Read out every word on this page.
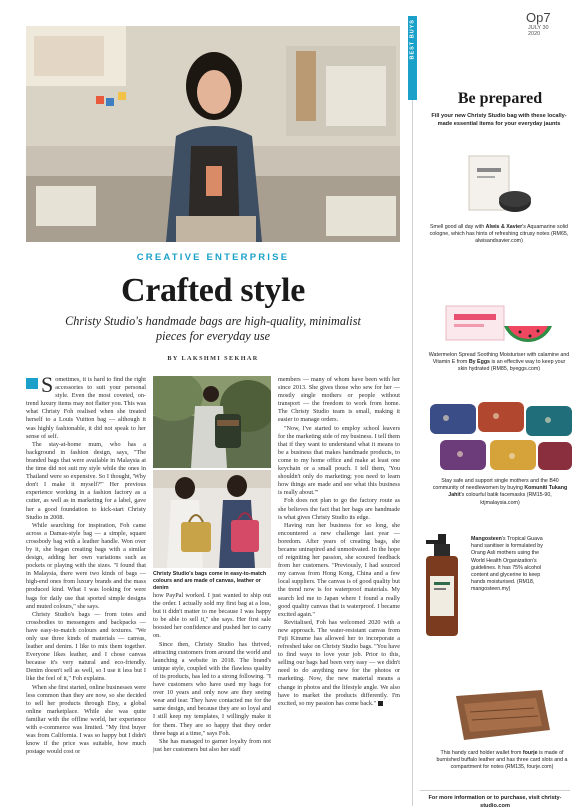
CREATIVE ENTERPRISE
Crafted style
Christy Studio's handmade bags are high-quality, minimalist pieces for everyday use
BY LAKSHMI SEKHAR
S ometimes, it is hard to find the right accessories to suit your personal style. Even the most coveted, on-trend luxury items may not flatter you. This was what Christy Foh realised when she treated herself to a Louis Vuitton bag — although it was highly fashionable, it did not speak to her sense of self.

The stay-at-home mum, who has a background in fashion design, says, "The branded bags that were available in Malaysia at the time did not suit my style while the ones in Thailand were so expensive. So I thought, 'Why don't I make it myself?'" Her previous experience working in a fashion factory as a cutter, as well as in marketing for a label, gave her a good foundation to kick-start Christy Studio in 2008.

While searching for inspiration, Foh came across a Damas-style bag — a simple, square crossbody bag with a leather handle. Won over by it, she began creating bags with a similar design, adding her own variations such as pockets or playing with the sizes. "I found that in Malaysia, there were two kinds of bags — high-end ones from luxury brands and the mass produced kind. What I was looking for were bags for daily use that sported simple designs and muted colours," she says.

Christy Studio's bags — from totes and crossbodies to messengers and backpacks — have easy-to-match colours and textures. "We only use three kinds of materials — canvas, leather and denim. I like to mix them together. Everyone likes leather, and I chose canvas because it's very natural and eco-friendly. Denim doesn't sell as well, so I use it less but I like the feel of it," Foh explains.

When she first started, online businesses were less common than they are now, so she decided to sell her products through Etsy, a global online marketplace. While she was quite familiar with the offline world, her experience with e-commerce was limited. "My first buyer was from California. I was so happy but I didn't know if the price was suitable, how much postage would cost or

Christy Studio's bags come in easy-to-match colours and are made of canvas, leather or denim

how PayPal worked. I just wanted to ship out the order. I actually sold my first bag at a loss, but it didn't matter to me because I was happy to be able to sell it," she says. Her first sale boosted her confidence and pushed her to carry on.

Since then, Christy Studio has thrived, attracting customers from around the world and launching a website in 2018. The brand's unique style, coupled with the flawless quality of its products, has led to a strong following. "I have customers who have used my bags for over 10 years and only now are they seeing wear and tear. They have contacted me for the same design, and because they are so loyal and I still keep my templates, I willingly make it for them. They are so happy that they order three bags at a time," says Foh.

She has managed to garner loyalty from not just her customers but also her staff

members — many of whom have been with her since 2013. She gives those who sew for her — mostly single mothers or people without transport — the freedom to work from home. The Christy Studio team is small, making it easier to manage orders.

"Now, I've started to employ school leavers for the marketing side of my business. I tell them that if they want to understand what it means to be a business that makes handmade products, to come to my home office and make at least one keychain or a small pouch. I tell them, 'You shouldn't only do marketing; you need to learn how things are made and see what this business is really about.'"

Foh does not plan to go the factory route as she believes the fact that her bags are handmade is what gives Christy Studio its edge.

Having run her business for so long, she encountered a new challenge last year — boredom. After years of creating bags, she became uninspired and unmotivated. In the hope of reigniting her passion, she scoured feedback from her customers. "Previously, I had sourced my canvas from Hong Kong, China and a few local suppliers. The canvas is of good quality but the trend now is for waterproof materials. My search led me to Japan where I found a really good quality canvas that is waterproof. I became excited again."

Revitalised, Foh has welcomed 2020 with a new approach. The water-resistant canvas from Fuji Kinume has allowed her to incorporate a refreshed take on Christy Studio bags. "You have to find ways to love your job. Prior to this, selling our bags had been very easy — we didn't need to do anything new for the photos or marketing. Now, the new material means a change in photos and the lifestyle angle. We also have to market the products differently. I'm excited, so my passion has come back."

Op7
JULY 30
2020
Be prepared
Fill your new Christy Studio bag with these locally-made essential items for your everyday jaunts
Smell good all day with Alwis & Xavier's Aquamarine solid cologne, which has hints of refreshing citrusy notes (RM65, alwisandxavier.com)
Watermelon Spread Soothing Moisturiser with calamine and Vitamin E from By Eggs is an effective way to keep your skin hydrated (RM85, byeggs.com)
Stay safe and support single mothers and the B40 community of needlewomen by buying Komuniti Tukang Jahit's colourful batik facemasks (RM15-90, ktjmalaysia.com)
Mangosteen's Tropical Guava hand sanitiser is formulated by Orang Asli mothers using the World Health Organization's guidelines. It has 75% alcohol content and glycerine to keep hands moisturised. (RM18, mangosteen.my)
This handy card holder wallet from fourje is made of burnished buffalo leather and has three card slots and a compartment for notes (RM135, fourje.com)
For more information or to purchase, visit christy-studio.com
